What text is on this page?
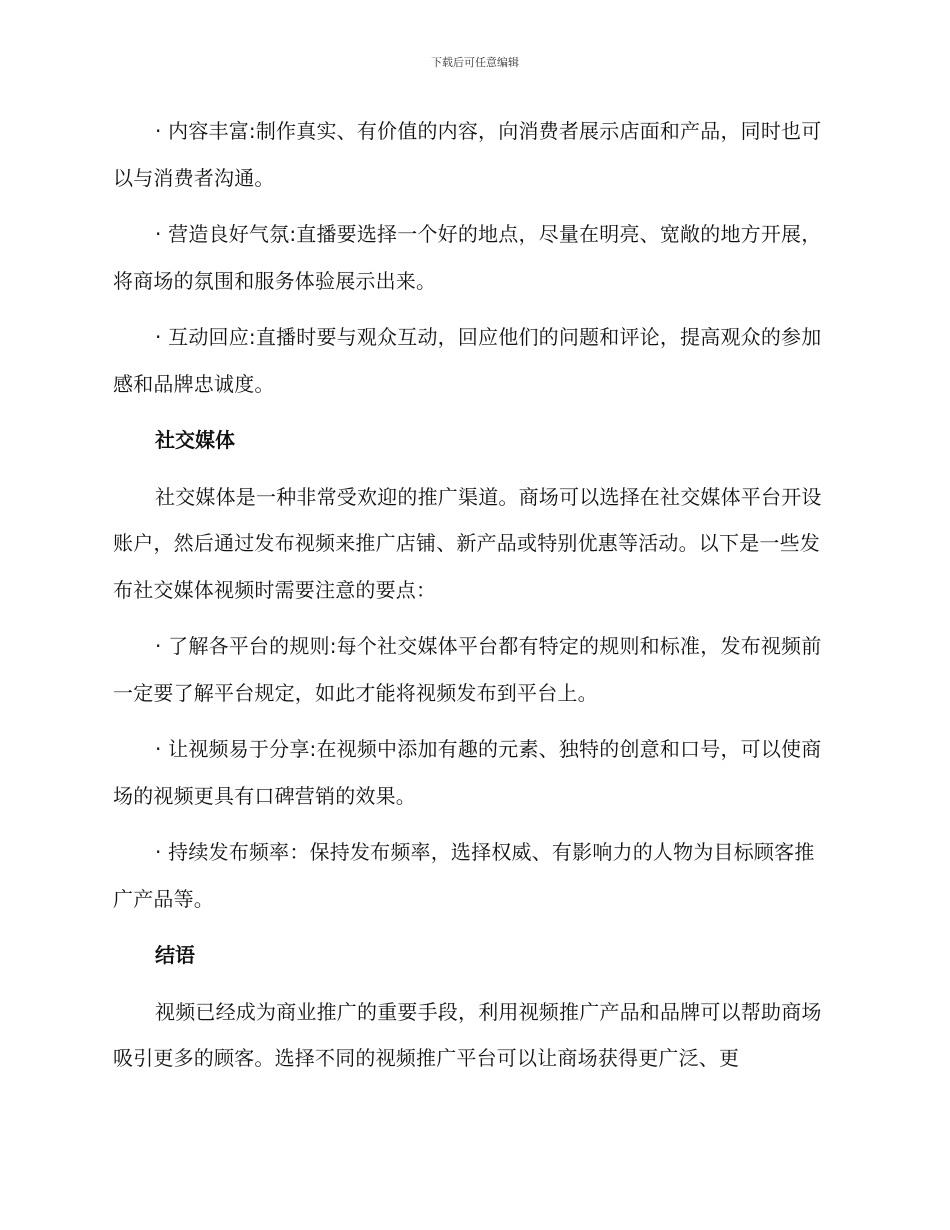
下载后可任意编辑

· 内容丰富:制作真实、有价值的内容，向消费者展示店面和产品，同时也可以与消费者沟通。

· 营造良好气氛:直播要选择一个好的地点，尽量在明亮、宽敞的地方开展，将商场的氛围和服务体验展示出来。

· 互动回应:直播时要与观众互动，回应他们的问题和评论，提高观众的参加感和品牌忠诚度。

社交媒体

社交媒体是一种非常受欢迎的推广渠道。商场可以选择在社交媒体平台开设账户，然后通过发布视频来推广店铺、新产品或特别优惠等活动。以下是一些发布社交媒体视频时需要注意的要点：

· 了解各平台的规则:每个社交媒体平台都有特定的规则和标准，发布视频前一定要了解平台规定，如此才能将视频发布到平台上。

· 让视频易于分享:在视频中添加有趣的元素、独特的创意和口号，可以使商场的视频更具有口碑营销的效果。

· 持续发布频率：保持发布频率，选择权威、有影响力的人物为目标顾客推广产品等。

结语

视频已经成为商业推广的重要手段，利用视频推广产品和品牌可以帮助商场吸引更多的顾客。选择不同的视频推广平台可以让商场获得更广泛、更
